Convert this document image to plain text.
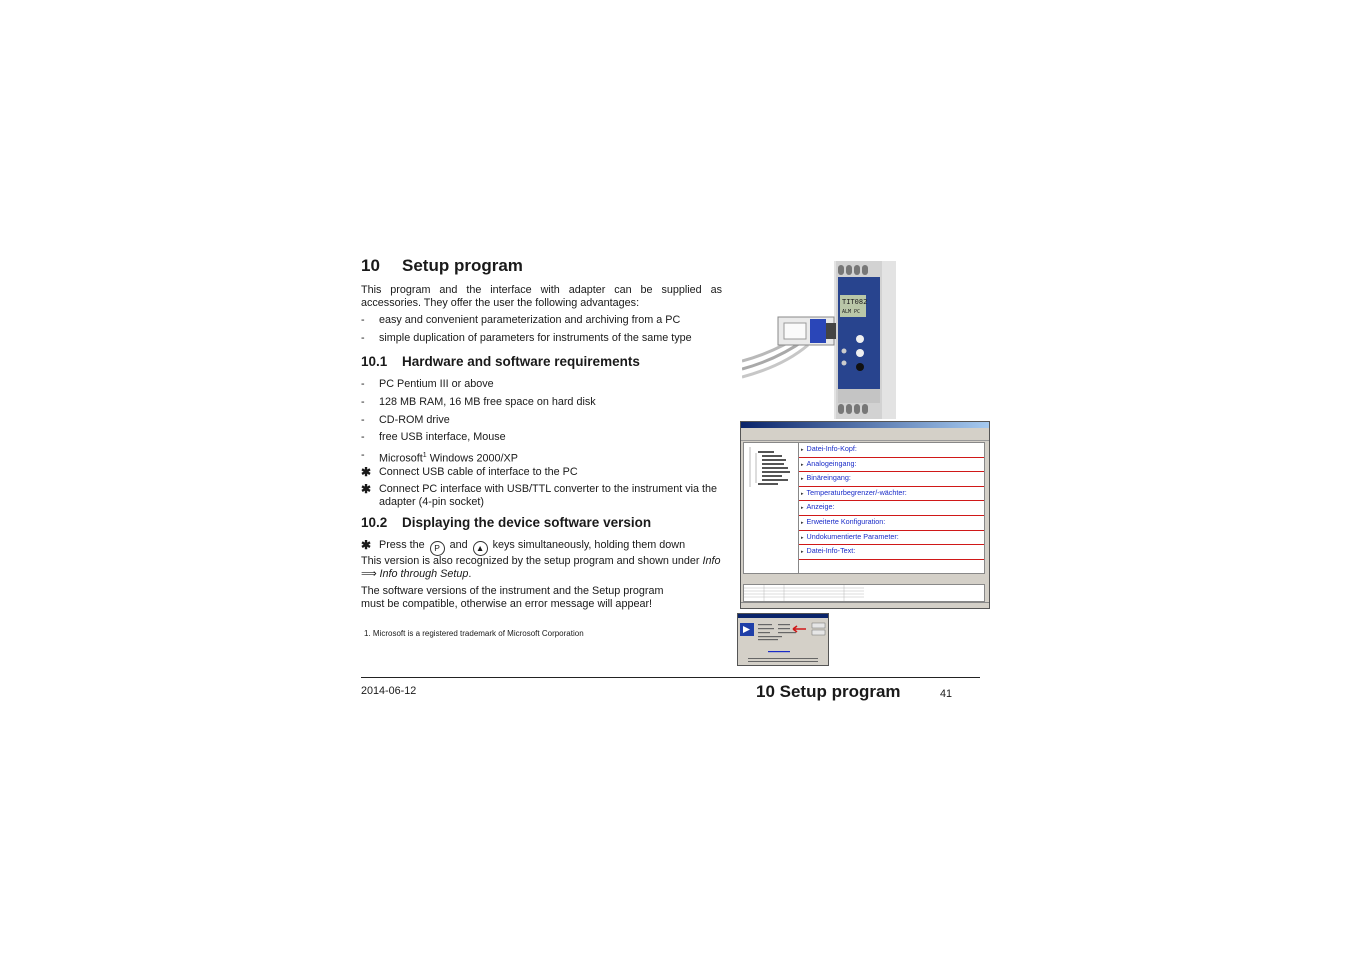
10 Setup program
This program and the interface with adapter can be supplied as accessories. They offer the user the following advantages:
-	easy and convenient parameterization and archiving from a PC
-	simple duplication of parameters for instruments of the same type
10.1 Hardware and software requirements
-	PC Pentium III or above
-	128 MB RAM, 16 MB free space on hard disk
-	CD-ROM drive
-	free USB interface, Mouse
-	Microsoft$^1$ Windows 2000/XP
✱ Connect USB cable of interface to the PC
✱ Connect PC interface with USB/TTL converter to the instrument via the adapter (4-pin socket)
10.2 Displaying the device software version
✱ Press the P and ▲ keys simultaneously, holding them down
This version is also recognized by the setup program and shown under Info ⟹ Info through Setup.
The software versions of the instrument and the Setup program
must be compatible, otherwise an error message will appear!
1. Microsoft is a registered trademark of Microsoft Corporation
TIT082
ALM PC
▸ Datei-Info-Kopf:
▸ Analogeingang:
▸ Binäreingang:
▸ Temperaturbegrenzer/-wächter:
▸ Anzeige:
▸ Erweiterte Konfiguration:
▸ Undokumentierte Parameter:
▸ Datei-Info-Text:
2014-06-12	10 Setup program	41
